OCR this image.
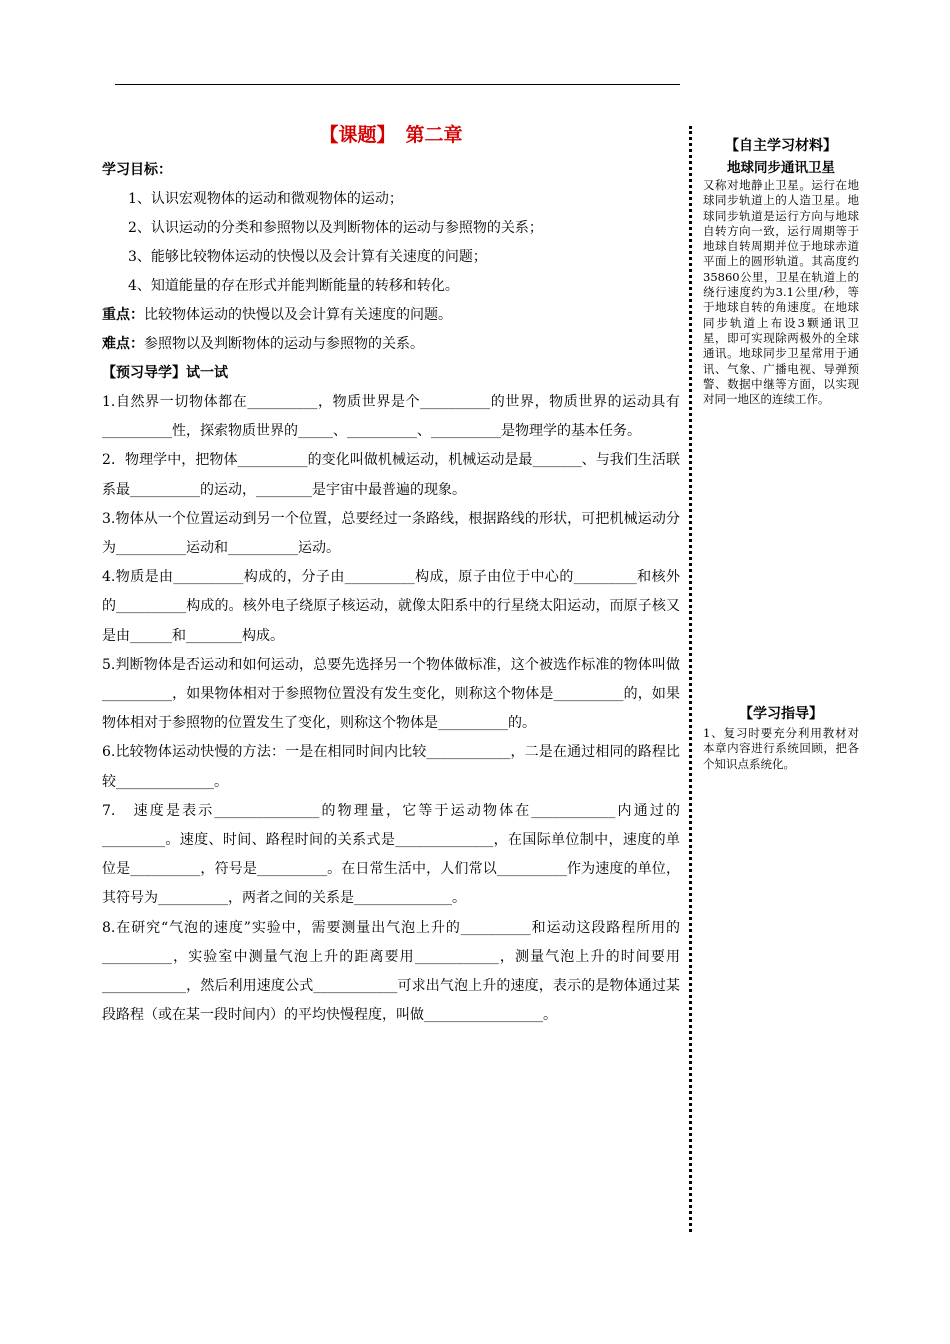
【课题】 第二章
学习目标：
1、认识宏观物体的运动和微观物体的运动；
2、认识运动的分类和参照物以及判断物体的运动与参照物的关系；
3、能够比较物体运动的快慢以及会计算有关速度的问题；
4、知道能量的存在形式并能判断能量的转移和转化。
重点：比较物体运动的快慢以及会计算有关速度的问题。
难点：参照物以及判断物体的运动与参照物的关系。
【预习导学】试一试

1.自然界一切物体都在__________，物质世界是个__________的世界，物质世界的运动具有__________性，探索物质世界的_____、__________、__________是物理学的基本任务。

2．物理学中，把物体__________的变化叫做机械运动，机械运动是最_______、与我们生活联系最__________的运动，________是宇宙中最普遍的现象。

3.物体从一个位置运动到另一个位置，总要经过一条路线，根据路线的形状，可把机械运动分为__________运动和__________运动。

4.物质是由__________构成的，分子由__________构成，原子由位于中心的_________和核外的__________构成的。核外电子绕原子核运动，就像太阳系中的行星绕太阳运动，而原子核又是由______和________构成。

5.判断物体是否运动和如何运动，总要先选择另一个物体做标准，这个被选作标准的物体叫做__________，如果物体相对于参照物位置没有发生变化，则称这个物体是__________的，如果物体相对于参照物的位置发生了变化，则称这个物体是__________的。

6.比较物体运动快慢的方法：一是在相同时间内比较____________，二是在通过相同的路程比较______________。

7.　速度是表示_______________的物理量，它等于运动物体在____________内通过的_________。速度、时间、路程时间的关系式是______________，在国际单位制中，速度的单位是__________，符号是__________。在日常生活中，人们常以__________作为速度的单位，其符号为__________，两者之间的关系是______________。

8.在研究“气泡的速度”实验中，需要测量出气泡上升的__________和运动这段路程所用的__________，实验室中测量气泡上升的距离要用____________，测量气泡上升的时间要用____________，然后利用速度公式____________可求出气泡上升的速度，表示的是物体通过某段路程（或在某一段时间内）的平均快慢程度，叫做_________________。

【自主学习材料】

地球同步通讯卫星

又称对地静止卫星。运行在地球同步轨道上的人造卫星。地球同步轨道是运行方向与地球自转方向一致，运行周期等于地球自转周期并位于地球赤道平面上的圆形轨道。其高度约35860公里，卫星在轨道上的绕行速度约为3.1公里/秒，等于地球自转的角速度。在地球同步轨道上布设3颗通讯卫星，即可实现除两极外的全球通讯。地球同步卫星常用于通讯、气象、广播电视、导弹预警、数据中继等方面，以实现对同一地区的连续工作。

【学习指导】

1、复习时要充分利用教材对本章内容进行系统回顾，把各个知识点系统化。
